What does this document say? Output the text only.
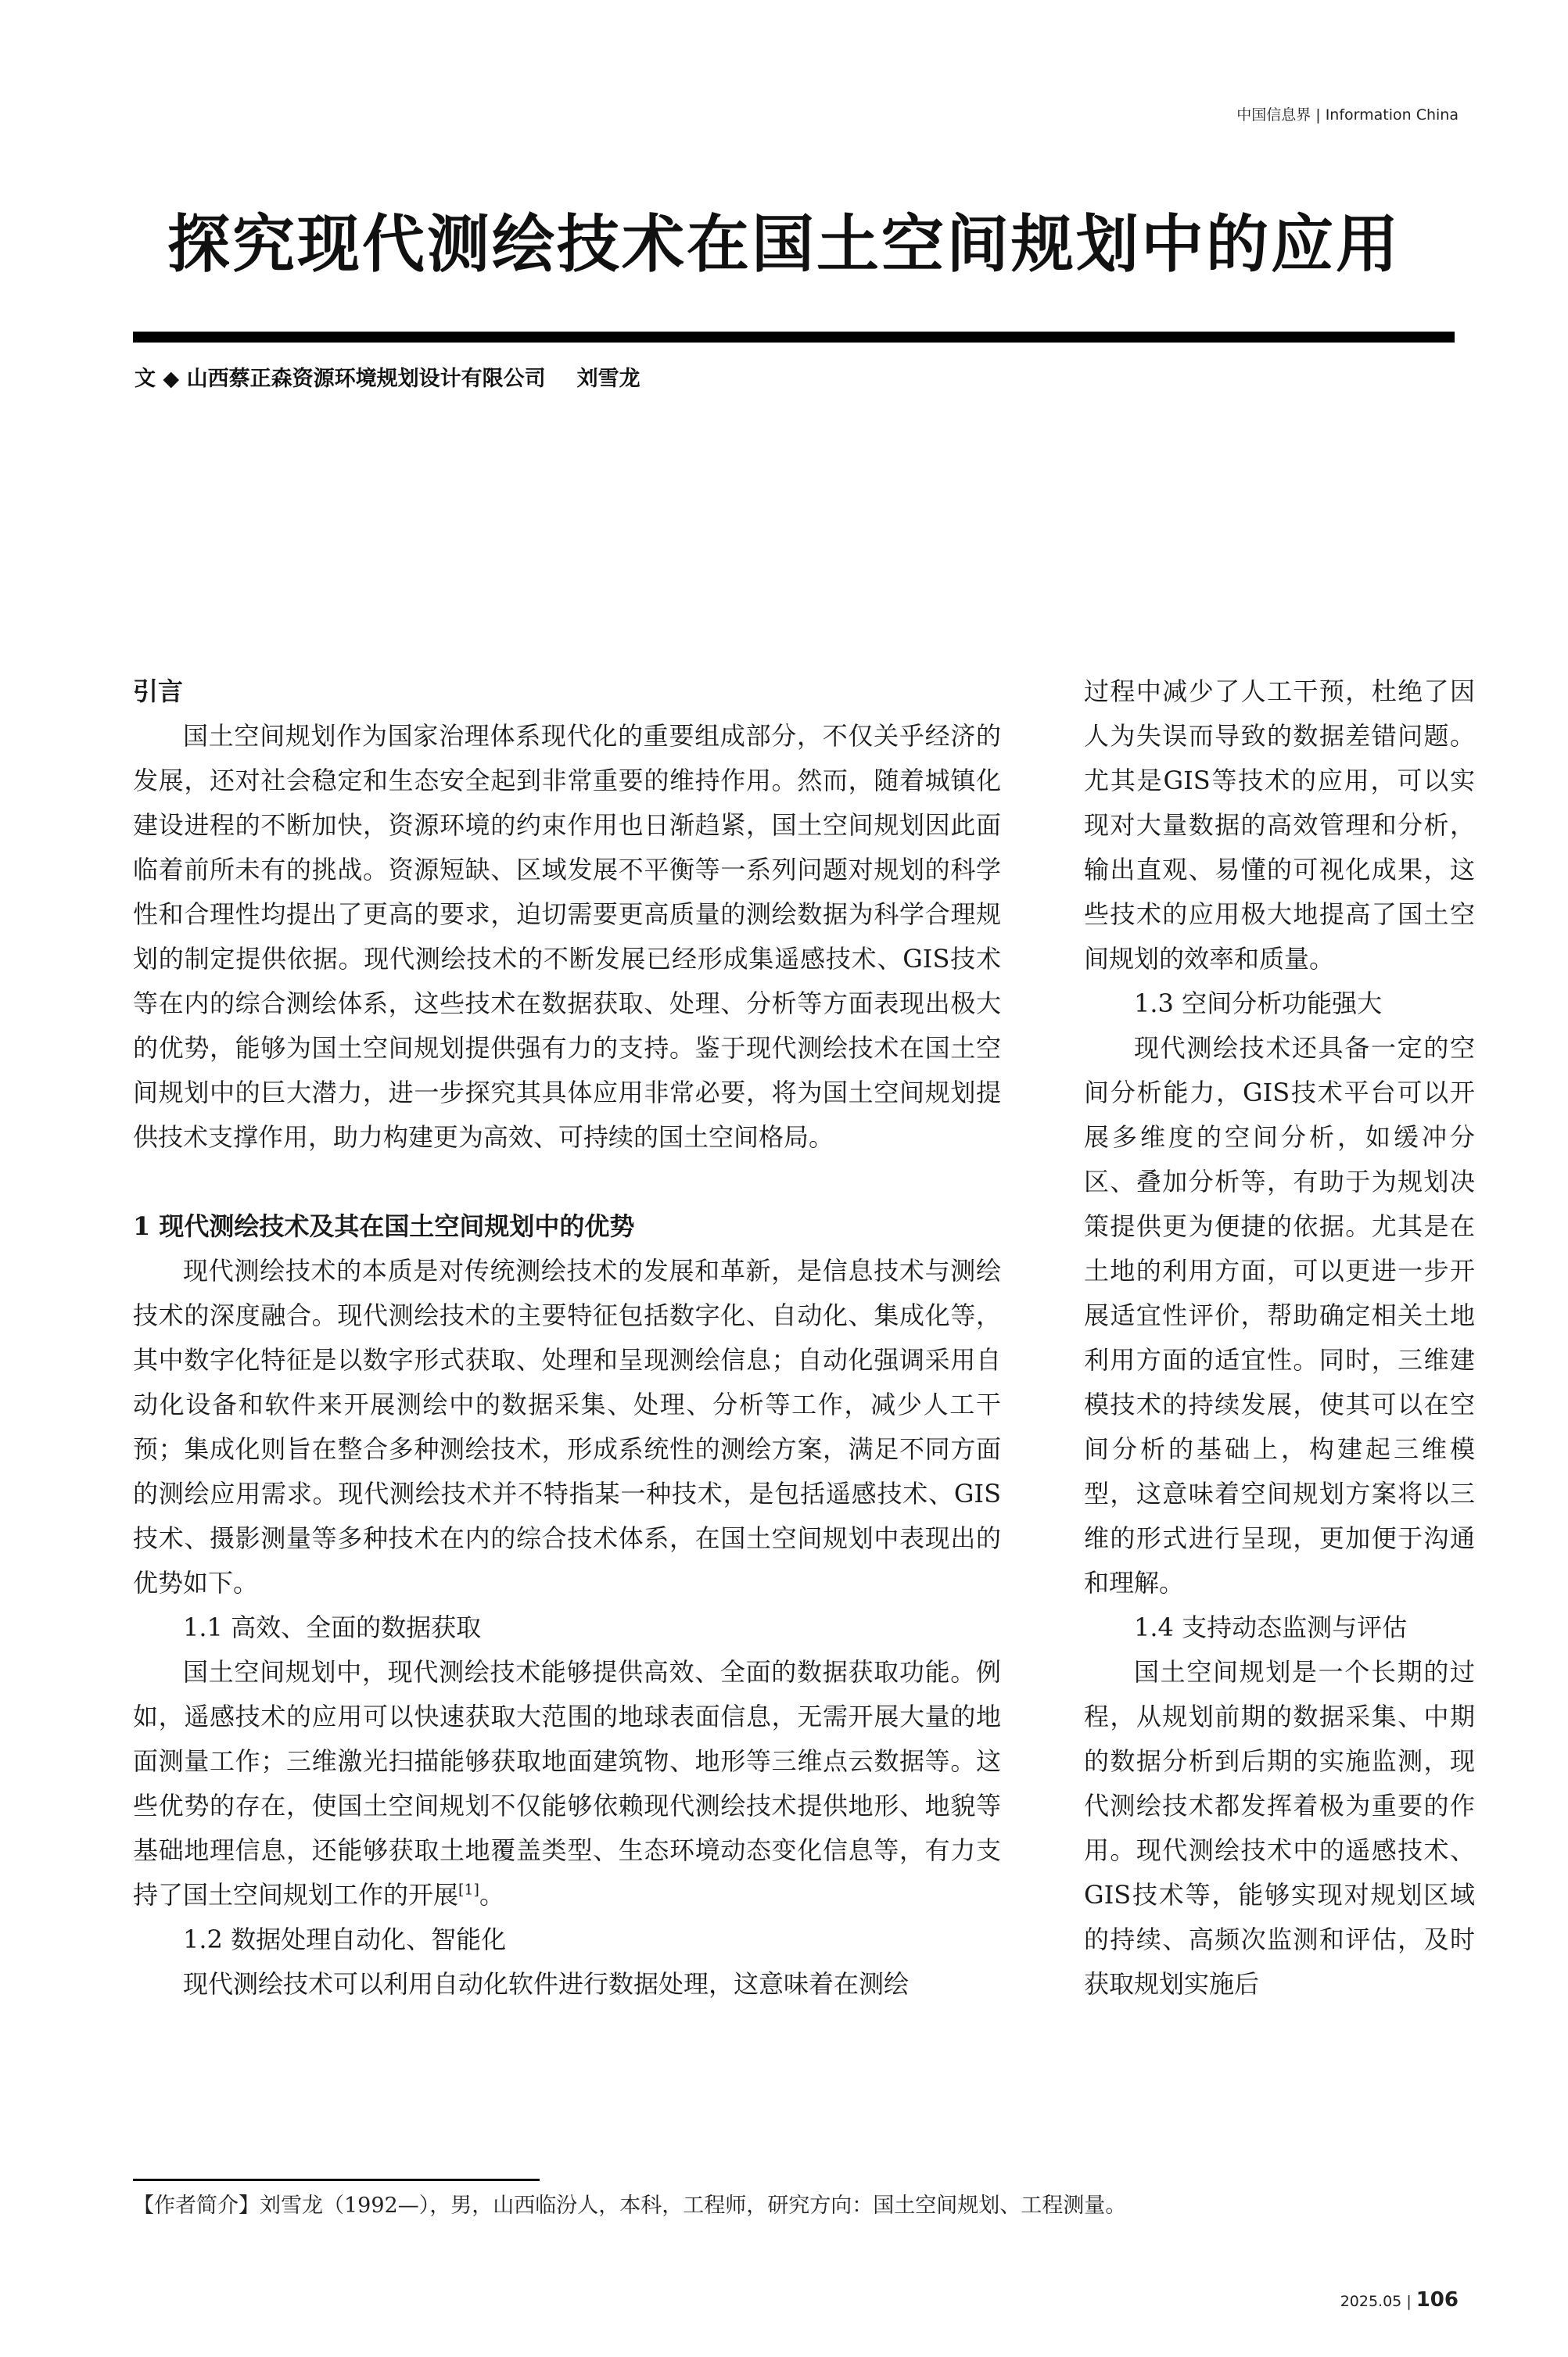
中国信息界 | Information China
探究现代测绘技术在国土空间规划中的应用
文 ◆ 山西蔡正森资源环境规划设计有限公司 刘雪龙
引言

国土空间规划作为国家治理体系现代化的重要组成部分，不仅关乎经济的发展，还对社会稳定和生态安全起到非常重要的维持作用。然而，随着城镇化建设进程的不断加快，资源环境的约束作用也日渐趋紧，国土空间规划因此面临着前所未有的挑战。资源短缺、区域发展不平衡等一系列问题对规划的科学性和合理性均提出了更高的要求，迫切需要更高质量的测绘数据为科学合理规划的制定提供依据。现代测绘技术的不断发展已经形成集遥感技术、GIS技术等在内的综合测绘体系，这些技术在数据获取、处理、分析等方面表现出极大的优势，能够为国土空间规划提供强有力的支持。鉴于现代测绘技术在国土空间规划中的巨大潜力，进一步探究其具体应用非常必要，将为国土空间规划提供技术支撑作用，助力构建更为高效、可持续的国土空间格局。

1 现代测绘技术及其在国土空间规划中的优势

现代测绘技术的本质是对传统测绘技术的发展和革新，是信息技术与测绘技术的深度融合。现代测绘技术的主要特征包括数字化、自动化、集成化等，其中数字化特征是以数字形式获取、处理和呈现测绘信息；自动化强调采用自动化设备和软件来开展测绘中的数据采集、处理、分析等工作，减少人工干预；集成化则旨在整合多种测绘技术，形成系统性的测绘方案，满足不同方面的测绘应用需求。现代测绘技术并不特指某一种技术，是包括遥感技术、GIS技术、摄影测量等多种技术在内的综合技术体系，在国土空间规划中表现出的优势如下。

1.1 高效、全面的数据获取

国土空间规划中，现代测绘技术能够提供高效、全面的数据获取功能。例如，遥感技术的应用可以快速获取大范围的地球表面信息，无需开展大量的地面测量工作；三维激光扫描能够获取地面建筑物、地形等三维点云数据等。这些优势的存在，使国土空间规划不仅能够依赖现代测绘技术提供地形、地貌等基础地理信息，还能够获取土地覆盖类型、生态环境动态变化信息等，有力支持了国土空间规划工作的开展[1]。

1.2 数据处理自动化、智能化

现代测绘技术可以利用自动化软件进行数据处理，这意味着在测绘

过程中减少了人工干预，杜绝了因人为失误而导致的数据差错问题。尤其是GIS等技术的应用，可以实现对大量数据的高效管理和分析，输出直观、易懂的可视化成果，这些技术的应用极大地提高了国土空间规划的效率和质量。

1.3 空间分析功能强大

现代测绘技术还具备一定的空间分析能力，GIS技术平台可以开展多维度的空间分析，如缓冲分区、叠加分析等，有助于为规划决策提供更为便捷的依据。尤其是在土地的利用方面，可以更进一步开展适宜性评价，帮助确定相关土地利用方面的适宜性。同时，三维建模技术的持续发展，使其可以在空间分析的基础上，构建起三维模型，这意味着空间规划方案将以三维的形式进行呈现，更加便于沟通和理解。

1.4 支持动态监测与评估

国土空间规划是一个长期的过程，从规划前期的数据采集、中期的数据分析到后期的实施监测，现代测绘技术都发挥着极为重要的作用。现代测绘技术中的遥感技术、GIS技术等，能够实现对规划区域的持续、高频次监测和评估，及时获取规划实施后

【作者简介】刘雪龙（1992—），男，山西临汾人，本科，工程师，研究方向：国土空间规划、工程测量。
2025.05 | 106
